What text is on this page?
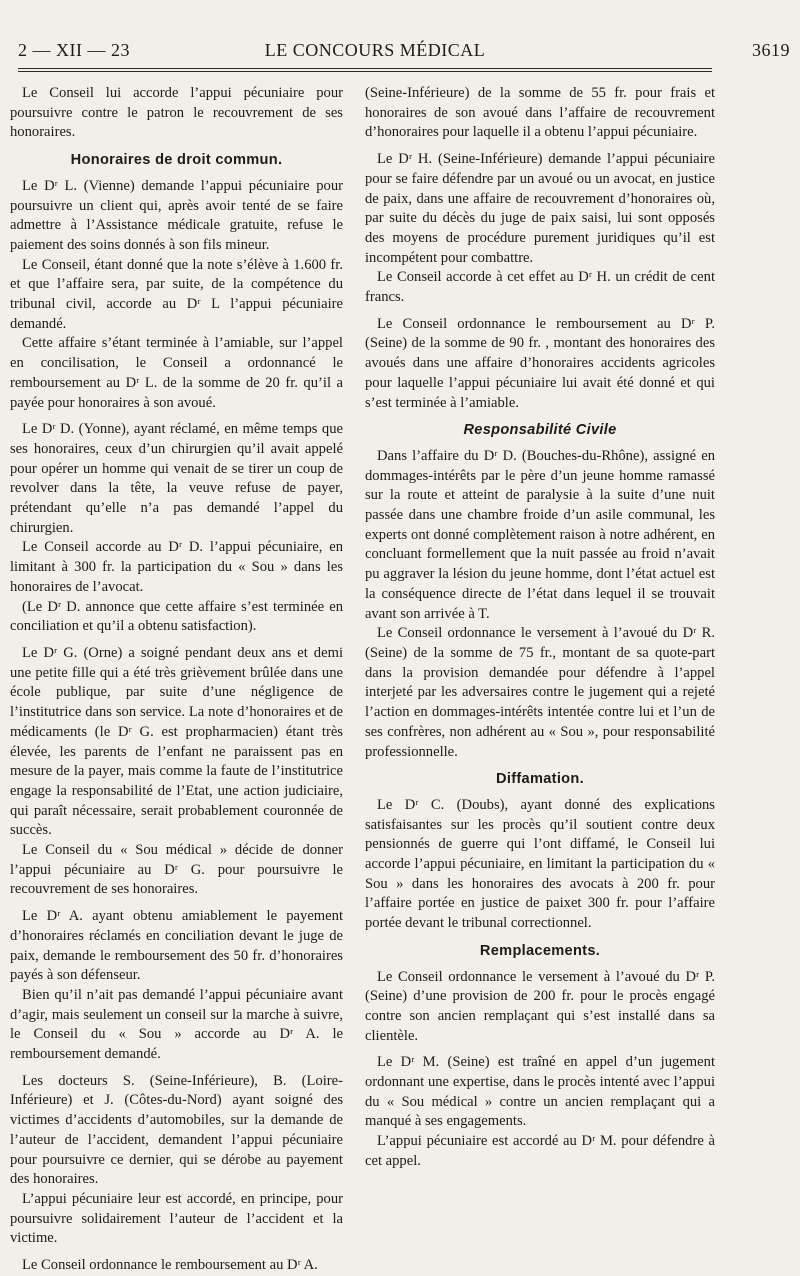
2 — XII — 23	LE CONCOURS MÉDICAL	3619

Le Conseil lui accorde l’appui pécuniaire pour poursuivre contre le patron le recouvrement de ses honoraires.

Honoraires de droit commun.

Le Dʳ L. (Vienne) demande l’appui pécuniaire pour poursuivre un client qui, après avoir tenté de se faire admettre à l’Assistance médicale gratuite, refuse le paiement des soins donnés à son fils mineur.

Le Conseil, étant donné que la note s’élève à 1.600 fr. et que l’affaire sera, par suite, de la compétence du tribunal civil, accorde au Dʳ L l’appui pécuniaire demandé.

Cette affaire s’étant terminée à l’amiable, sur l’appel en concilisation, le Conseil a ordonnancé le remboursement au Dʳ L. de la somme de 20 fr. qu’il a payée pour honoraires à son avoué.

Le Dʳ D. (Yonne), ayant réclamé, en même temps que ses honoraires, ceux d’un chirurgien qu’il avait appelé pour opérer un homme qui venait de se tirer un coup de revolver dans la tête, la veuve refuse de payer, prétendant qu’elle n’a pas demandé l’appel du chirurgien.

Le Conseil accorde au Dʳ D. l’appui pécuniaire, en limitant à 300 fr. la participation du « Sou » dans les honoraires de l’avocat.

(Le Dʳ D. annonce que cette affaire s’est terminée en conciliation et qu’il a obtenu satisfaction).

Le Dʳ G. (Orne) a soigné pendant deux ans et demi une petite fille qui a été très grièvement brûlée dans une école publique, par suite d’une négligence de l’institutrice dans son service. La note d’honoraires et de médicaments (le Dʳ G. est propharmacien) étant très élevée, les parents de l’enfant ne paraissent pas en mesure de la payer, mais comme la faute de l’institutrice engage la responsabilité de l’Etat, une action judiciaire, qui paraît nécessaire, serait probablement couronnée de succès.

Le Conseil du « Sou médical » décide de donner l’appui pécuniaire au Dʳ G. pour poursuivre le recouvrement de ses honoraires.

Le Dʳ A. ayant obtenu amiablement le payement d’honoraires réclamés en conciliation devant le juge de paix, demande le remboursement des 50 fr. d’honoraires payés à son défenseur.

Bien qu’il n’ait pas demandé l’appui pécuniaire avant d’agir, mais seulement un conseil sur la marche à suivre, le Conseil du « Sou » accorde au Dʳ A. le remboursement demandé.

Les docteurs S. (Seine-Inférieure), B. (Loire-Inférieure) et J. (Côtes-du-Nord) ayant soigné des victimes d’accidents d’automobiles, sur la demande de l’auteur de l’accident, demandent l’appui pécuniaire pour poursuivre ce dernier, qui se dérobe au payement des honoraires.

L’appui pécuniaire leur est accordé, en principe, pour poursuivre solidairement l’auteur de l’accident et la victime.

Le Conseil ordonnance le remboursement au Dʳ A.

(Seine-Inférieure) de la somme de 55 fr. pour frais et honoraires de son avoué dans l’affaire de recouvrement d’honoraires pour laquelle il a obtenu l’appui pécuniaire.

Le Dʳ H. (Seine-Inférieure) demande l’appui pécuniaire pour se faire défendre par un avoué ou un avocat, en justice de paix, dans une affaire de recouvrement d’honoraires où, par suite du décès du juge de paix saisi, lui sont opposés des moyens de procédure purement juridiques qu’il est incompétent pour combattre.

Le Conseil accorde à cet effet au Dʳ H. un crédit de cent francs.

Le Conseil ordonnance le remboursement au Dʳ P. (Seine) de la somme de 90 fr. , montant des honoraires des avoués dans une affaire d’honoraires accidents agricoles pour laquelle l’appui pécuniaire lui avait été donné et qui s’est terminée à l’amiable.

Responsabilité Civile

Dans l’affaire du Dʳ D. (Bouches-du-Rhône), assigné en dommages-intérêts par le père d’un jeune homme ramassé sur la route et atteint de paralysie à la suite d’une nuit passée dans une chambre froide d’un asile communal, les experts ont donné complètement raison à notre adhérent, en concluant formellement que la nuit passée au froid n’avait pu aggraver la lésion du jeune homme, dont l’état actuel est la conséquence directe de l’état dans lequel il se trouvait avant son arrivée à T.

Le Conseil ordonnance le versement à l’avoué du Dʳ R. (Seine) de la somme de 75 fr., montant de sa quote-part dans la provision demandée pour défendre à l’appel interjeté par les adversaires contre le jugement qui a rejeté l’action en dommages-intérêts intentée contre lui et l’un de ses confrères, non adhérent au « Sou », pour responsabilité professionnelle.

Diffamation.

Le Dʳ C. (Doubs), ayant donné des explications satisfaisantes sur les procès qu’il soutient contre deux pensionnés de guerre qui l’ont diffamé, le Conseil lui accorde l’appui pécuniaire, en limitant la participation du « Sou » dans les honoraires des avocats à 200 fr. pour l’affaire portée en justice de paixet 300 fr. pour l’affaire portée devant le tribunal correctionnel.

Remplacements.

Le Conseil ordonnance le versement à l’avoué du Dʳ P. (Seine) d’une provision de 200 fr. pour le procès engagé contre son ancien remplaçant qui s’est installé dans sa clientèle.

Le Dʳ M. (Seine) est traîné en appel d’un jugement ordonnant une expertise, dans le procès intenté avec l’appui du « Sou médical » contre un ancien remplaçant qui a manqué à ses engagements.

L’appui pécuniaire est accordé au Dʳ M. pour défendre à cet appel.
